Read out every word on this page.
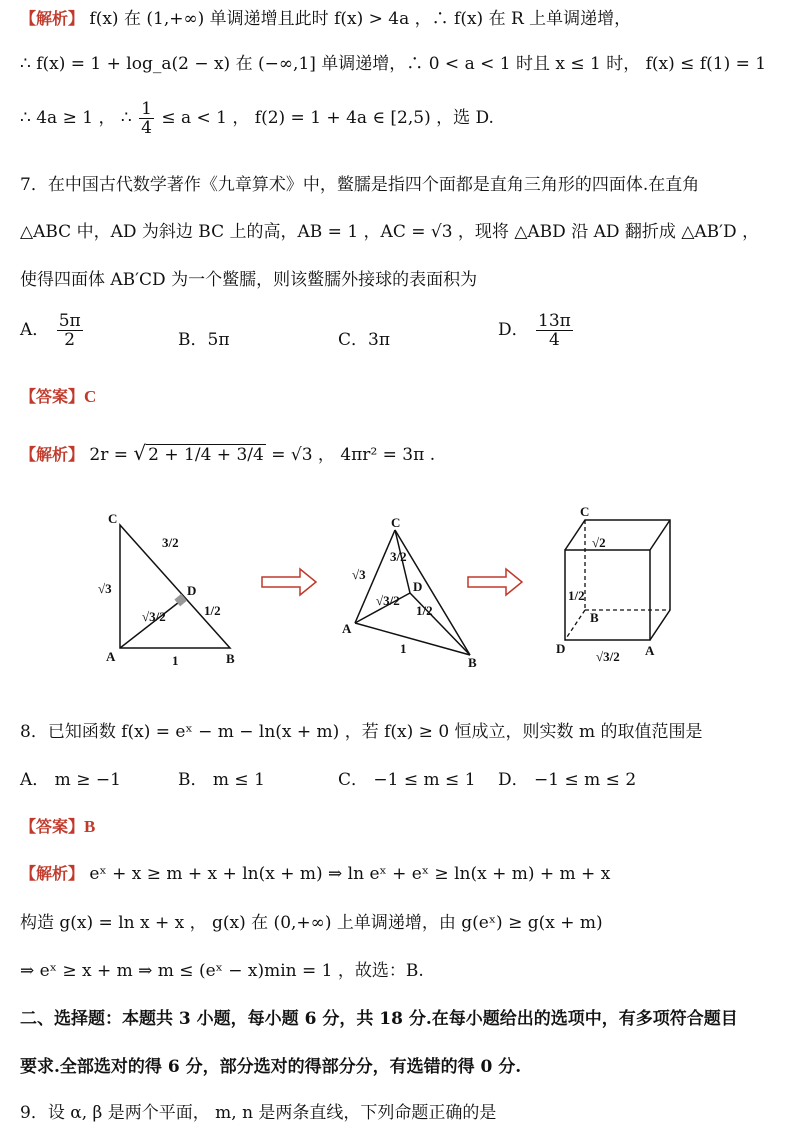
【解析】 f(x) 在 (1,+∞) 单调递增且此时 f(x) > 4a ，∴ f(x) 在 R 上单调递增，
∴ f(x) = 1 + log_a(2 − x) 在 (−∞,1] 单调递增，∴ 0 < a < 1 时且 x ≤ 1 时， f(x) ≤ f(1) = 1
∴ 4a ≥ 1 ， ∴ $\frac{1}{4} \le a < 1$ ， f(2) = 1 + 4a ∈ [2,5) ，选 D.
7．在中国古代数学著作《九章算术》中，鳖臑是指四个面都是直角三角形的四面体.在直角
△ABC 中，AD 为斜边 BC 上的高，AB = 1 ，AC = √3 ，现将 △ABD 沿 AD 翻折成 △AB′D ，
使得四面体 AB′CD 为一个鳖臑，则该鳖臑外接球的表面积为
A． $\frac{5\pi}{2}$	B．5π	C．3π	D． $\frac{13\pi}{4}$
【答案】C
【解析】 2r = √ 2 + 1/4 + 3/4 = √3 ， 4πr² = 3π .
C
A	B
D
√3
1
3/2
√3/2	1/2
C
A
B
D
√3
1
3/2
√3/2
1/2
C
A
B
D
√2
1/2
√3/2
8．已知函数 f(x) = eˣ − m − ln(x + m) ，若 f(x) ≥ 0 恒成立，则实数 m 的取值范围是
A． m ≥ −1	B． m ≤ 1	C． −1 ≤ m ≤ 1 D． −1 ≤ m ≤ 2
【答案】B
【解析】 eˣ + x ≥ m + x + ln(x + m) ⇒ ln eˣ + eˣ ≥ ln(x + m) + m + x
构造 g(x) = ln x + x ， g(x) 在 (0,+∞) 上单调递增，由 g(eˣ) ≥ g(x + m)
⇒ eˣ ≥ x + m ⇒ m ≤ (eˣ − x)min = 1 ，故选：B.
二、选择题：本题共 3 小题，每小题 6 分，共 18 分.在每小题给出的选项中，有多项符合题目
要求.全部选对的得 6 分，部分选对的得部分分，有选错的得 0 分.
9．设 α, β 是两个平面， m, n 是两条直线，下列命题正确的是
